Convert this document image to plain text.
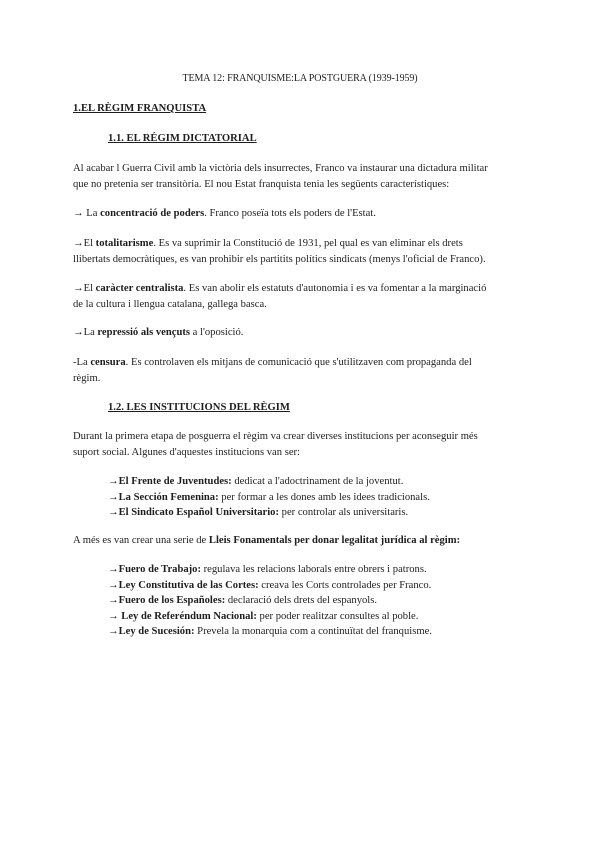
TEMA 12: FRANQUISME:LA POSTGUERA (1939-1959)

1.EL RÈGIM FRANQUISTA

1.1. EL RÉGIM DICTATORIAL

Al acabar l Guerra Civil amb la victòria dels insurrectes, Franco va instaurar una dictadura militar
que no pretenia ser transitòria. El nou Estat franquista tenia les següents característiques:
→ La concentració de poders. Franco poseïa tots els poders de l'Estat.
→El totalitarisme. Es va suprimir la Constitució de 1931, pel qual es van eliminar els drets
llibertats democràtiques, es van prohibir els partitits polítics sindicats (menys l'oficial de Franco).
→El caràcter centralista. Es van abolir els estatuts d'autonomia i es va fomentar a la marginació
de la cultura i llengua catalana, gallega basca.
→La repressió als vençuts a l'oposició.
-La censura. Es controlaven els mitjans de comunicació que s'utilitzaven com propaganda del
règim.

1.2. LES INSTITUCIONS DEL RÈGIM

Durant la primera etapa de posguerra el règim va crear diverses institucions per aconseguir més
suport social. Algunes d'aquestes institucions van ser:
→El Frente de Juventudes: dedicat a l'adoctrinament de la joventut.
→La Sección Femenina: per formar a les dones amb les idees tradicionals.
→El Sindicato Español Universitario: per controlar als universitaris.
A més es van crear una serie de Lleis Fonamentals per donar legalitat jurídica al règim:
→Fuero de Trabajo: regulava les relacions laborals entre obrers i patrons.
→Ley Constitutiva de las Cortes: creava les Corts controlades per Franco.
→Fuero de los Españoles: declaració dels drets del espanyols.
→ Ley de Referéndum Nacional: per poder realitzar consultes al poble.
→Ley de Sucesión: Prevela la monarquia com a continuïtat del franquisme.
